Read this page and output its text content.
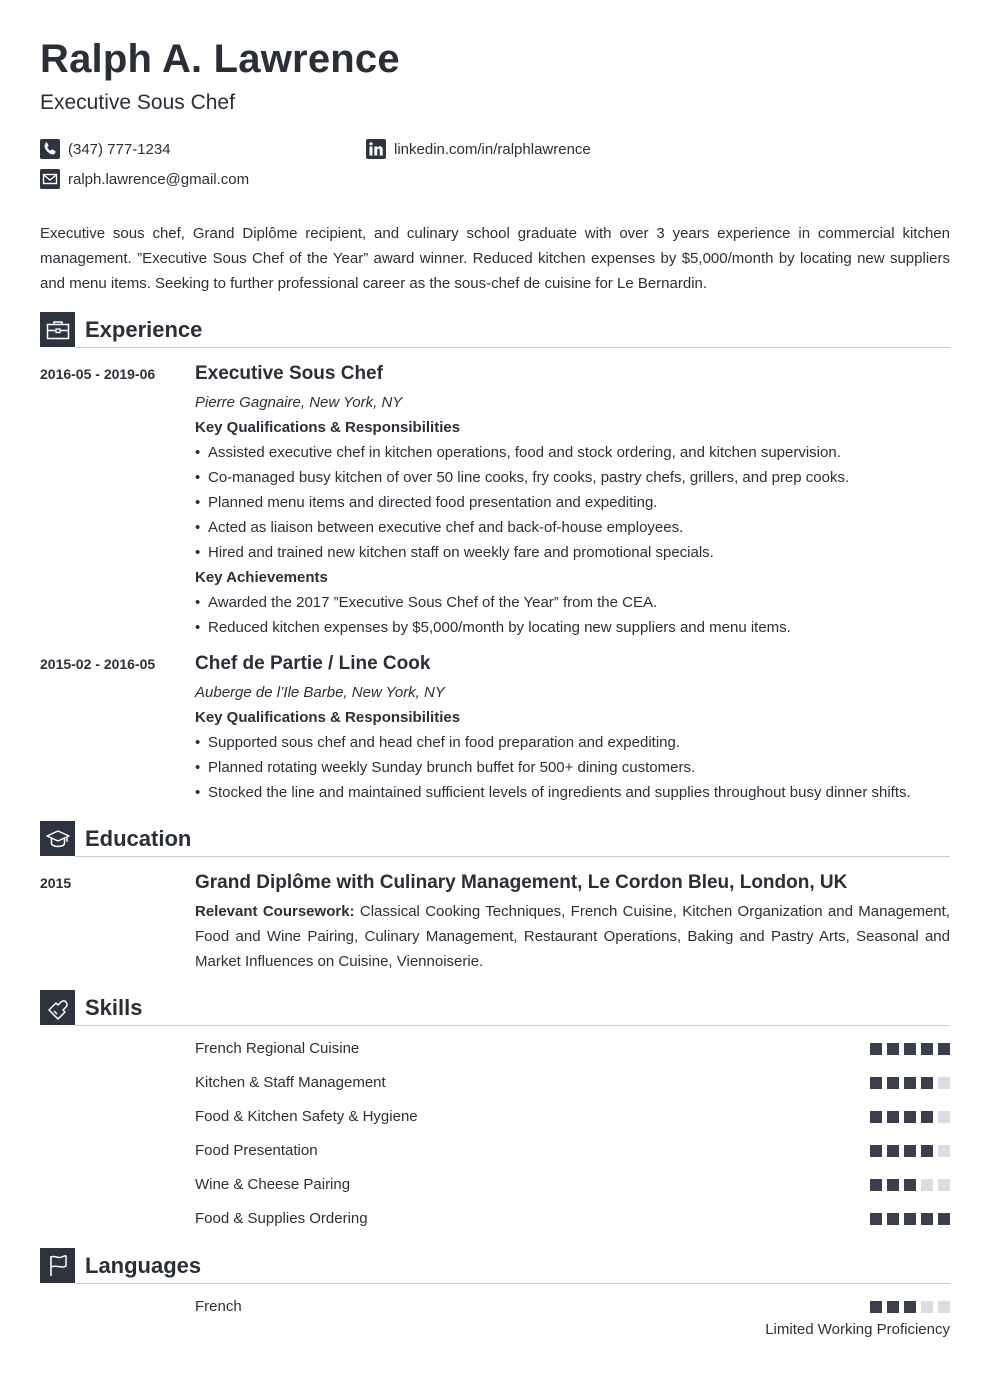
Ralph A. Lawrence
Executive Sous Chef
(347) 777-1234	linkedin.com/in/ralphlawrence
ralph.lawrence@gmail.com

Executive sous chef, Grand Diplôme recipient, and culinary school graduate with over 3 years experience in commercial kitchen management. ”Executive Sous Chef of the Year” award winner. Reduced kitchen expenses by $5,000/month by locating new suppliers and menu items. Seeking to further professional career as the sous-chef de cuisine for Le Bernardin.

Experience
2016-05 - 2019-06 Executive Sous Chef
Pierre Gagnaire, New York, NY
Key Qualifications & Responsibilities
• Assisted executive chef in kitchen operations, food and stock ordering, and kitchen supervision.
• Co-managed busy kitchen of over 50 line cooks, fry cooks, pastry chefs, grillers, and prep cooks.
• Planned menu items and directed food presentation and expediting.
• Acted as liaison between executive chef and back-of-house employees.
• Hired and trained new kitchen staff on weekly fare and promotional specials.
Key Achievements
• Awarded the 2017 ”Executive Sous Chef of the Year” from the CEA.
• Reduced kitchen expenses by $5,000/month by locating new suppliers and menu items.
2015-02 - 2016-05 Chef de Partie / Line Cook
Auberge de l’Ile Barbe, New York, NY
Key Qualifications & Responsibilities
• Supported sous chef and head chef in food preparation and expediting.
• Planned rotating weekly Sunday brunch buffet for 500+ dining customers.
• Stocked the line and maintained sufficient levels of ingredients and supplies throughout busy dinner shifts.
Education
2015	Grand Diplôme with Culinary Management, Le Cordon Bleu, London, UK

Relevant Coursework: Classical Cooking Techniques, French Cuisine, Kitchen Organization and Management, Food and Wine Pairing, Culinary Management, Restaurant Operations, Baking and Pastry Arts, Seasonal and Market Influences on Cuisine, Viennoiserie.

Skills
French Regional Cuisine
Kitchen & Staff Management
Food & Kitchen Safety & Hygiene
Food Presentation
Wine & Cheese Pairing
Food & Supplies Ordering
Languages
French
Limited Working Proficiency
